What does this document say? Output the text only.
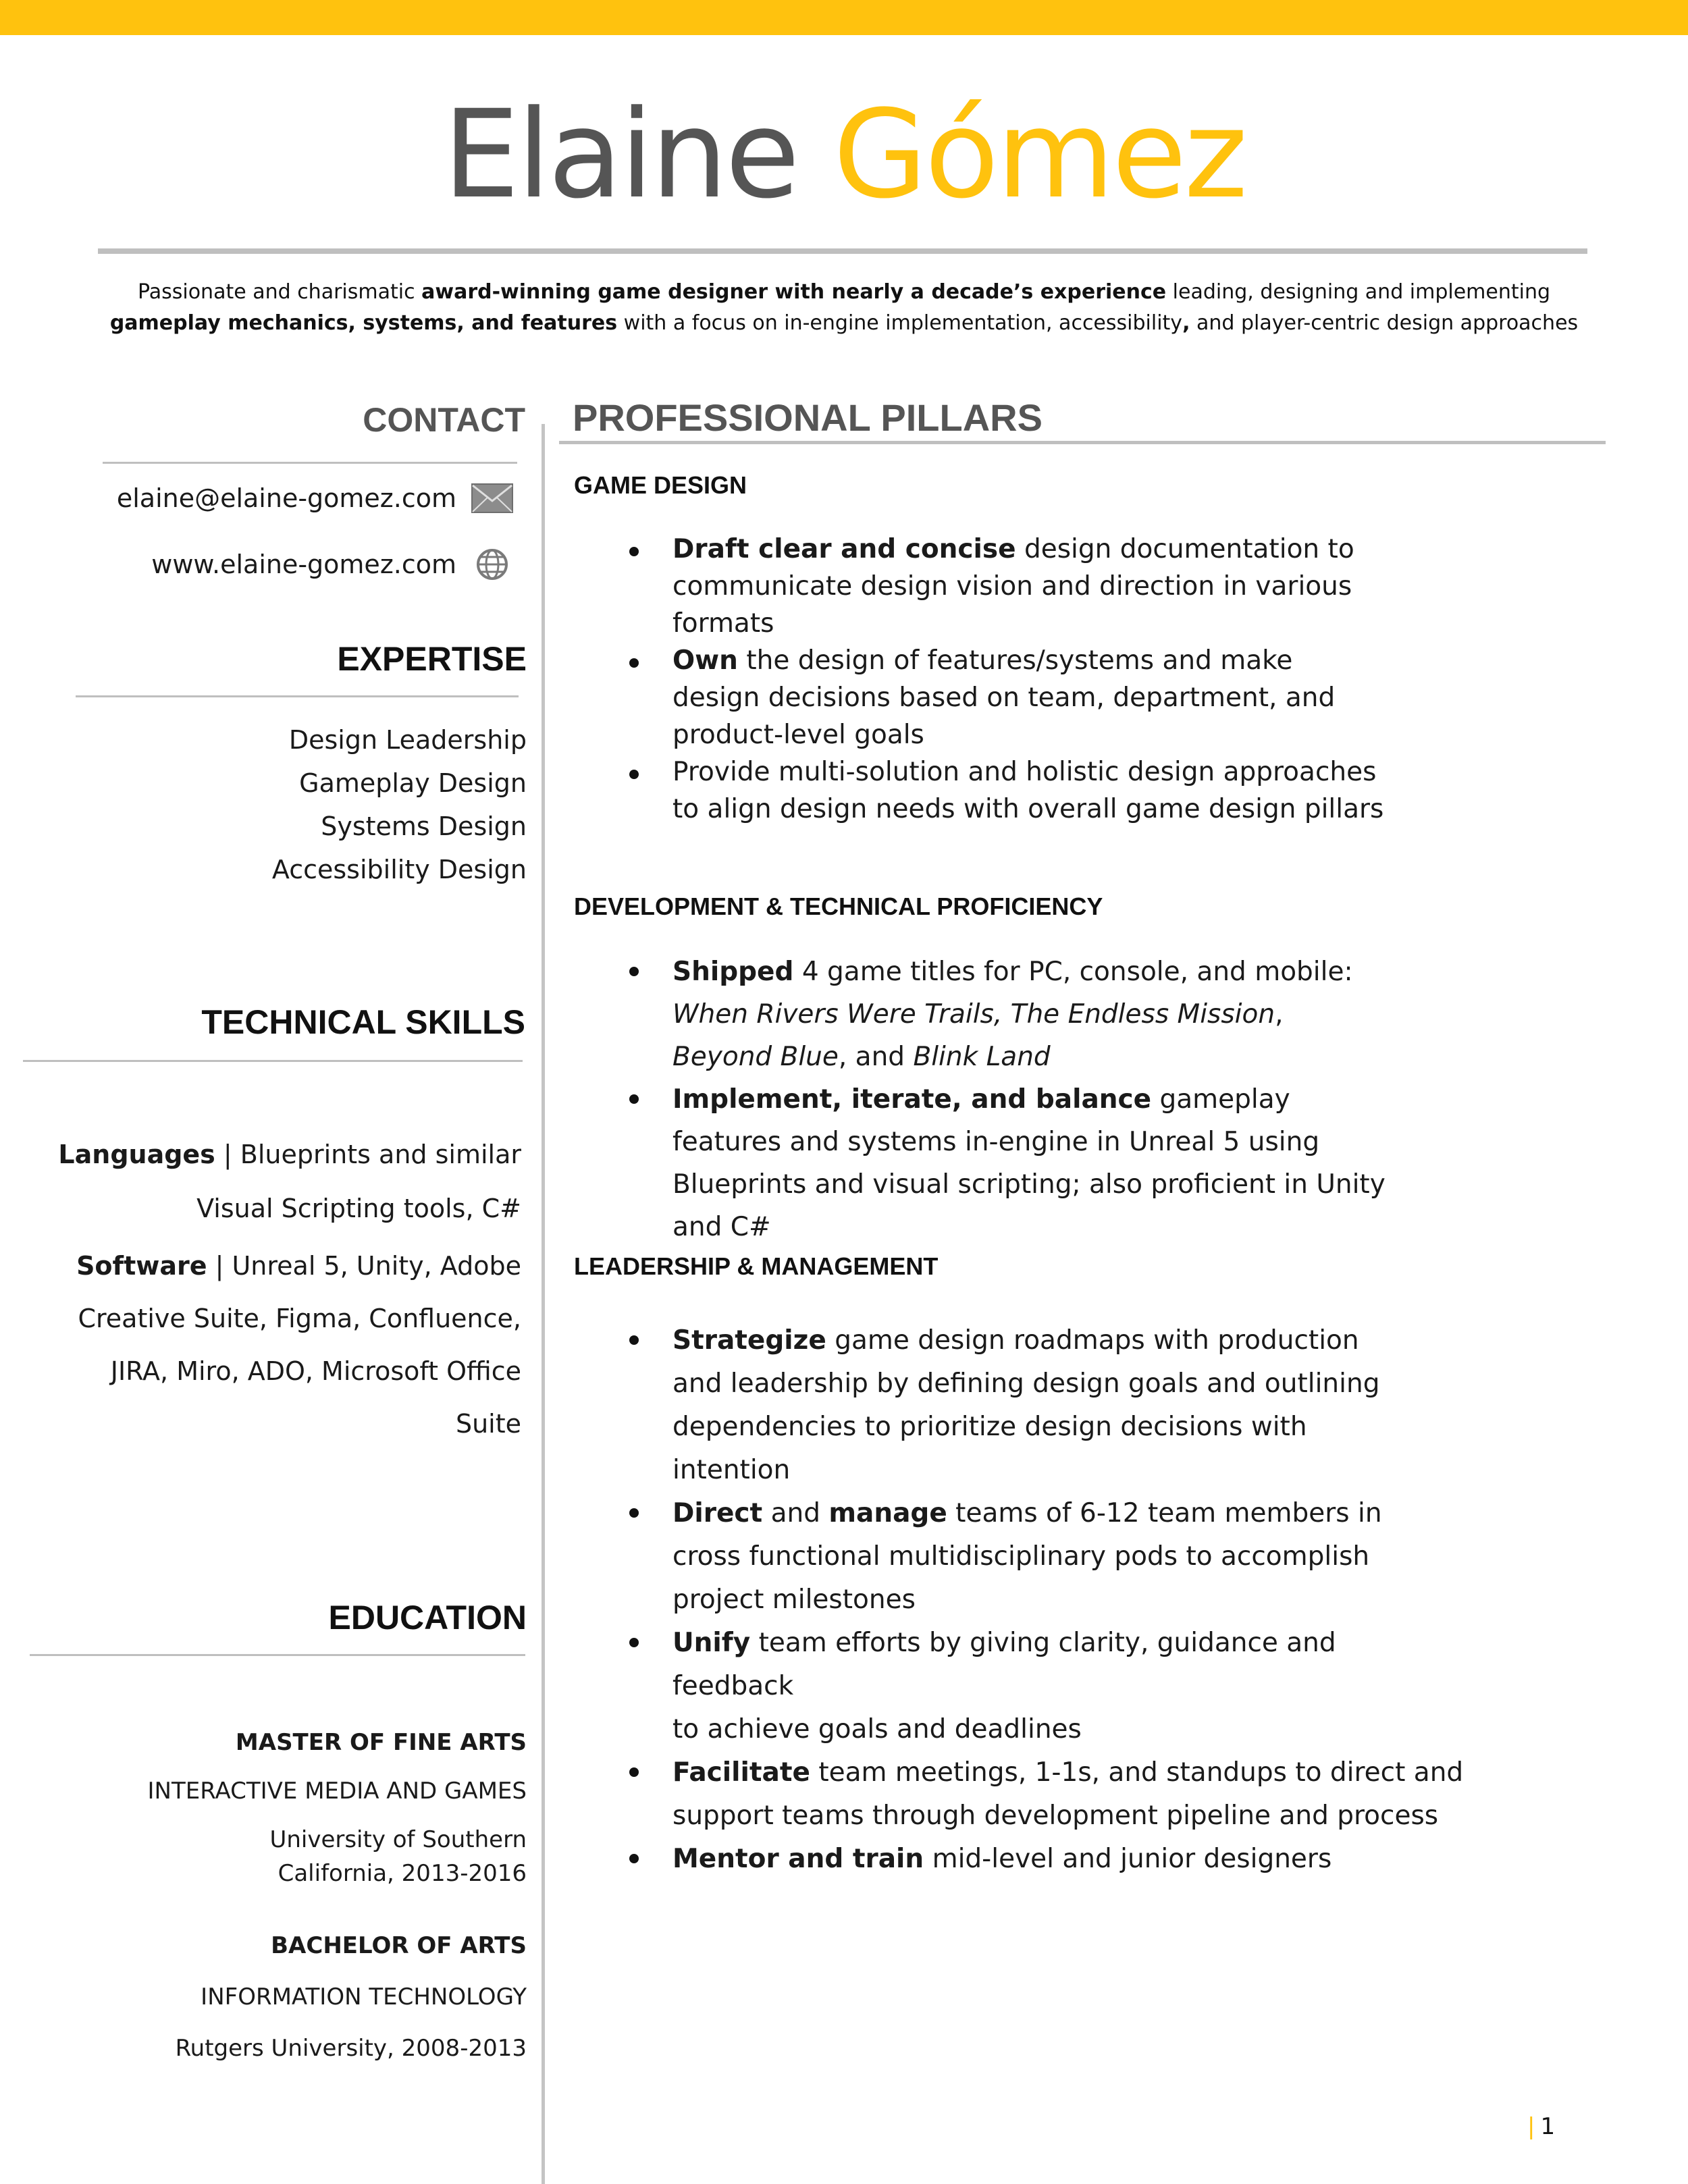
Elaine Gómez
Passionate and charismatic award-winning game designer with nearly a decade’s experience leading, designing and implementing gameplay mechanics, systems, and features with a focus on in-engine implementation, accessibility, and player-centric design approaches
CONTACT
elaine@elaine-gomez.com
www.elaine-gomez.com
EXPERTISE
Design Leadership
Gameplay Design
Systems Design
Accessibility Design
TECHNICAL SKILLS
Languages | Blueprints and similar
Visual Scripting tools, C#
Software | Unreal 5, Unity, Adobe
Creative Suite, Figma, Confluence,
JIRA, Miro, ADO, Microsoft Office
Suite
EDUCATION
MASTER OF FINE ARTS
INTERACTIVE MEDIA AND GAMES
University of Southern
California, 2013-2016
BACHELOR OF ARTS
INFORMATION TECHNOLOGY
Rutgers University, 2008-2013
PROFESSIONAL PILLARS
GAME DESIGN
Draft clear and concise design documentation to communicate design vision and direction in various formats
Own the design of features/systems and make design decisions based on team, department, and product-level goals
Provide multi-solution and holistic design approaches to align design needs with overall game design pillars
DEVELOPMENT & TECHNICAL PROFICIENCY
Shipped 4 game titles for PC, console, and mobile: When Rivers Were Trails, The Endless Mission, Beyond Blue, and Blink Land
Implement, iterate, and balance gameplay features and systems in-engine in Unreal 5 using Blueprints and visual scripting; also proficient in Unity and C#
LEADERSHIP & MANAGEMENT
Strategize game design roadmaps with production and leadership by defining design goals and outlining dependencies to prioritize design decisions with intention
Direct and manage teams of 6-12 team members in cross functional multidisciplinary pods to accomplish project milestones
Unify team efforts by giving clarity, guidance and feedback
to achieve goals and deadlines
Facilitate team meetings, 1-1s, and standups to direct and support teams through development pipeline and process
Mentor and train mid-level and junior designers
| 1
